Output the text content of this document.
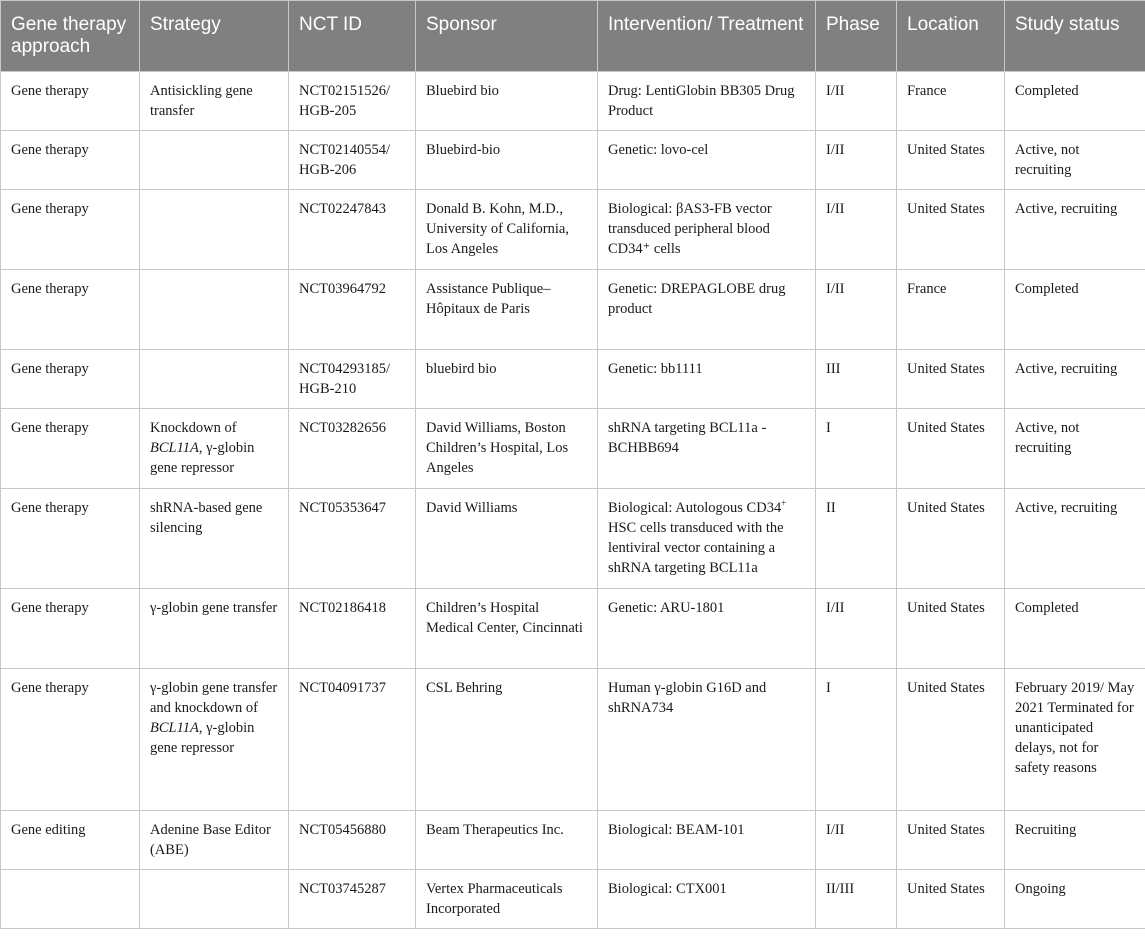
Gene therapy approach	Strategy	NCT ID	Sponsor	Intervention/ Treatment	Phase	Location	Study status
Gene therapy	Antisickling gene transfer	NCT02151526/ HGB-205	Bluebird bio	Drug: LentiGlobin BB305 Drug Product	I/II	France	Completed
Gene therapy		NCT02140554/ HGB-206	Bluebird-bio	Genetic: lovo-cel	I/II	United States	Active, not recruiting
Gene therapy		NCT02247843	Donald B. Kohn, M.D., University of California, Los Angeles	Biological: βAS3-FB vector transduced peripheral blood CD34⁺ cells	I/II	United States	Active, recruiting
Gene therapy		NCT03964792	Assistance Publique–Hôpitaux de Paris	Genetic: DREPAGLOBE drug product	I/II	France	Completed
Gene therapy		NCT04293185/ HGB-210	bluebird bio	Genetic: bb1111	III	United States	Active, recruiting
Gene therapy	Knockdown of BCL11A, γ-globin gene repressor	NCT03282656	David Williams, Boston Children’s Hospital, Los Angeles	shRNA targeting BCL11a - BCHBB694	I	United States	Active, not recruiting
Gene therapy	shRNA-based gene silencing	NCT05353647	David Williams	Biological: Autologous CD34+ HSC cells transduced with the lentiviral vector containing a shRNA targeting BCL11a	II	United States	Active, recruiting
Gene therapy	γ-globin gene transfer	NCT02186418	Children’s Hospital Medical Center, Cincinnati	Genetic: ARU-1801	I/II	United States	Completed
Gene therapy	γ-globin gene transfer and knockdown of BCL11A, γ-globin gene repressor	NCT04091737	CSL Behring	Human γ-globin G16D and shRNA734	I	United States	February 2019/ May 2021 Terminated for unanticipated delays, not for safety reasons
Gene editing	Adenine Base Editor (ABE)	NCT05456880	Beam Therapeutics Inc.	Biological: BEAM-101	I/II	United States	Recruiting
		NCT03745287	Vertex Pharmaceuticals Incorporated	Biological: CTX001	II/III	United States	Ongoing
